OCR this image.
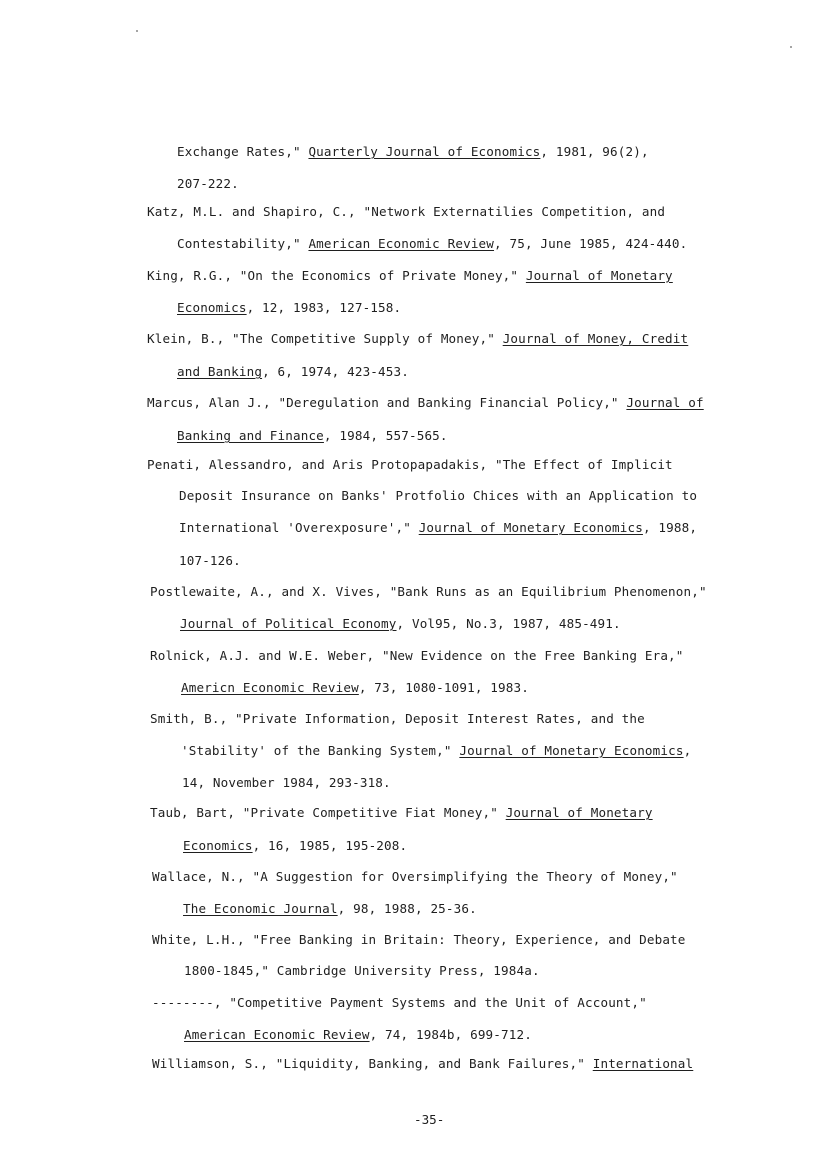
Exchange Rates," Quarterly Journal of Economics, 1981, 96(2),
207-222.
Katz, M.L. and Shapiro, C., "Network Externatilies Competition, and
Contestability," American Economic Review, 75, June 1985, 424-440.
King, R.G., "On the Economics of Private Money," Journal of Monetary
Economics, 12, 1983, 127-158.
Klein, B., "The Competitive Supply of Money," Journal of Money, Credit
and Banking, 6, 1974, 423-453.
Marcus, Alan J., "Deregulation and Banking Financial Policy," Journal of
Banking and Finance, 1984, 557-565.
Penati, Alessandro, and Aris Protopapadakis, "The Effect of Implicit
Deposit Insurance on Banks' Protfolio Chices with an Application to
International 'Overexposure'," Journal of Monetary Economics, 1988,
107-126.
Postlewaite, A., and X. Vives, "Bank Runs as an Equilibrium Phenomenon,"
Journal of Political Economy, Vol95, No.3, 1987, 485-491.
Rolnick, A.J. and W.E. Weber, "New Evidence on the Free Banking Era,"
Americn Economic Review, 73, 1080-1091, 1983.
Smith, B., "Private Information, Deposit Interest Rates, and the
'Stability' of the Banking System," Journal of Monetary Economics,
14, November 1984, 293-318.
Taub, Bart, "Private Competitive Fiat Money," Journal of Monetary
Economics, 16, 1985, 195-208.
Wallace, N., "A Suggestion for Oversimplifying the Theory of Money,"
The Economic Journal, 98, 1988, 25-36.
White, L.H., "Free Banking in Britain: Theory, Experience, and Debate
1800-1845," Cambridge University Press, 1984a.
--------, "Competitive Payment Systems and the Unit of Account,"
American Economic Review, 74, 1984b, 699-712.
Williamson, S., "Liquidity, Banking, and Bank Failures," International
-35-
